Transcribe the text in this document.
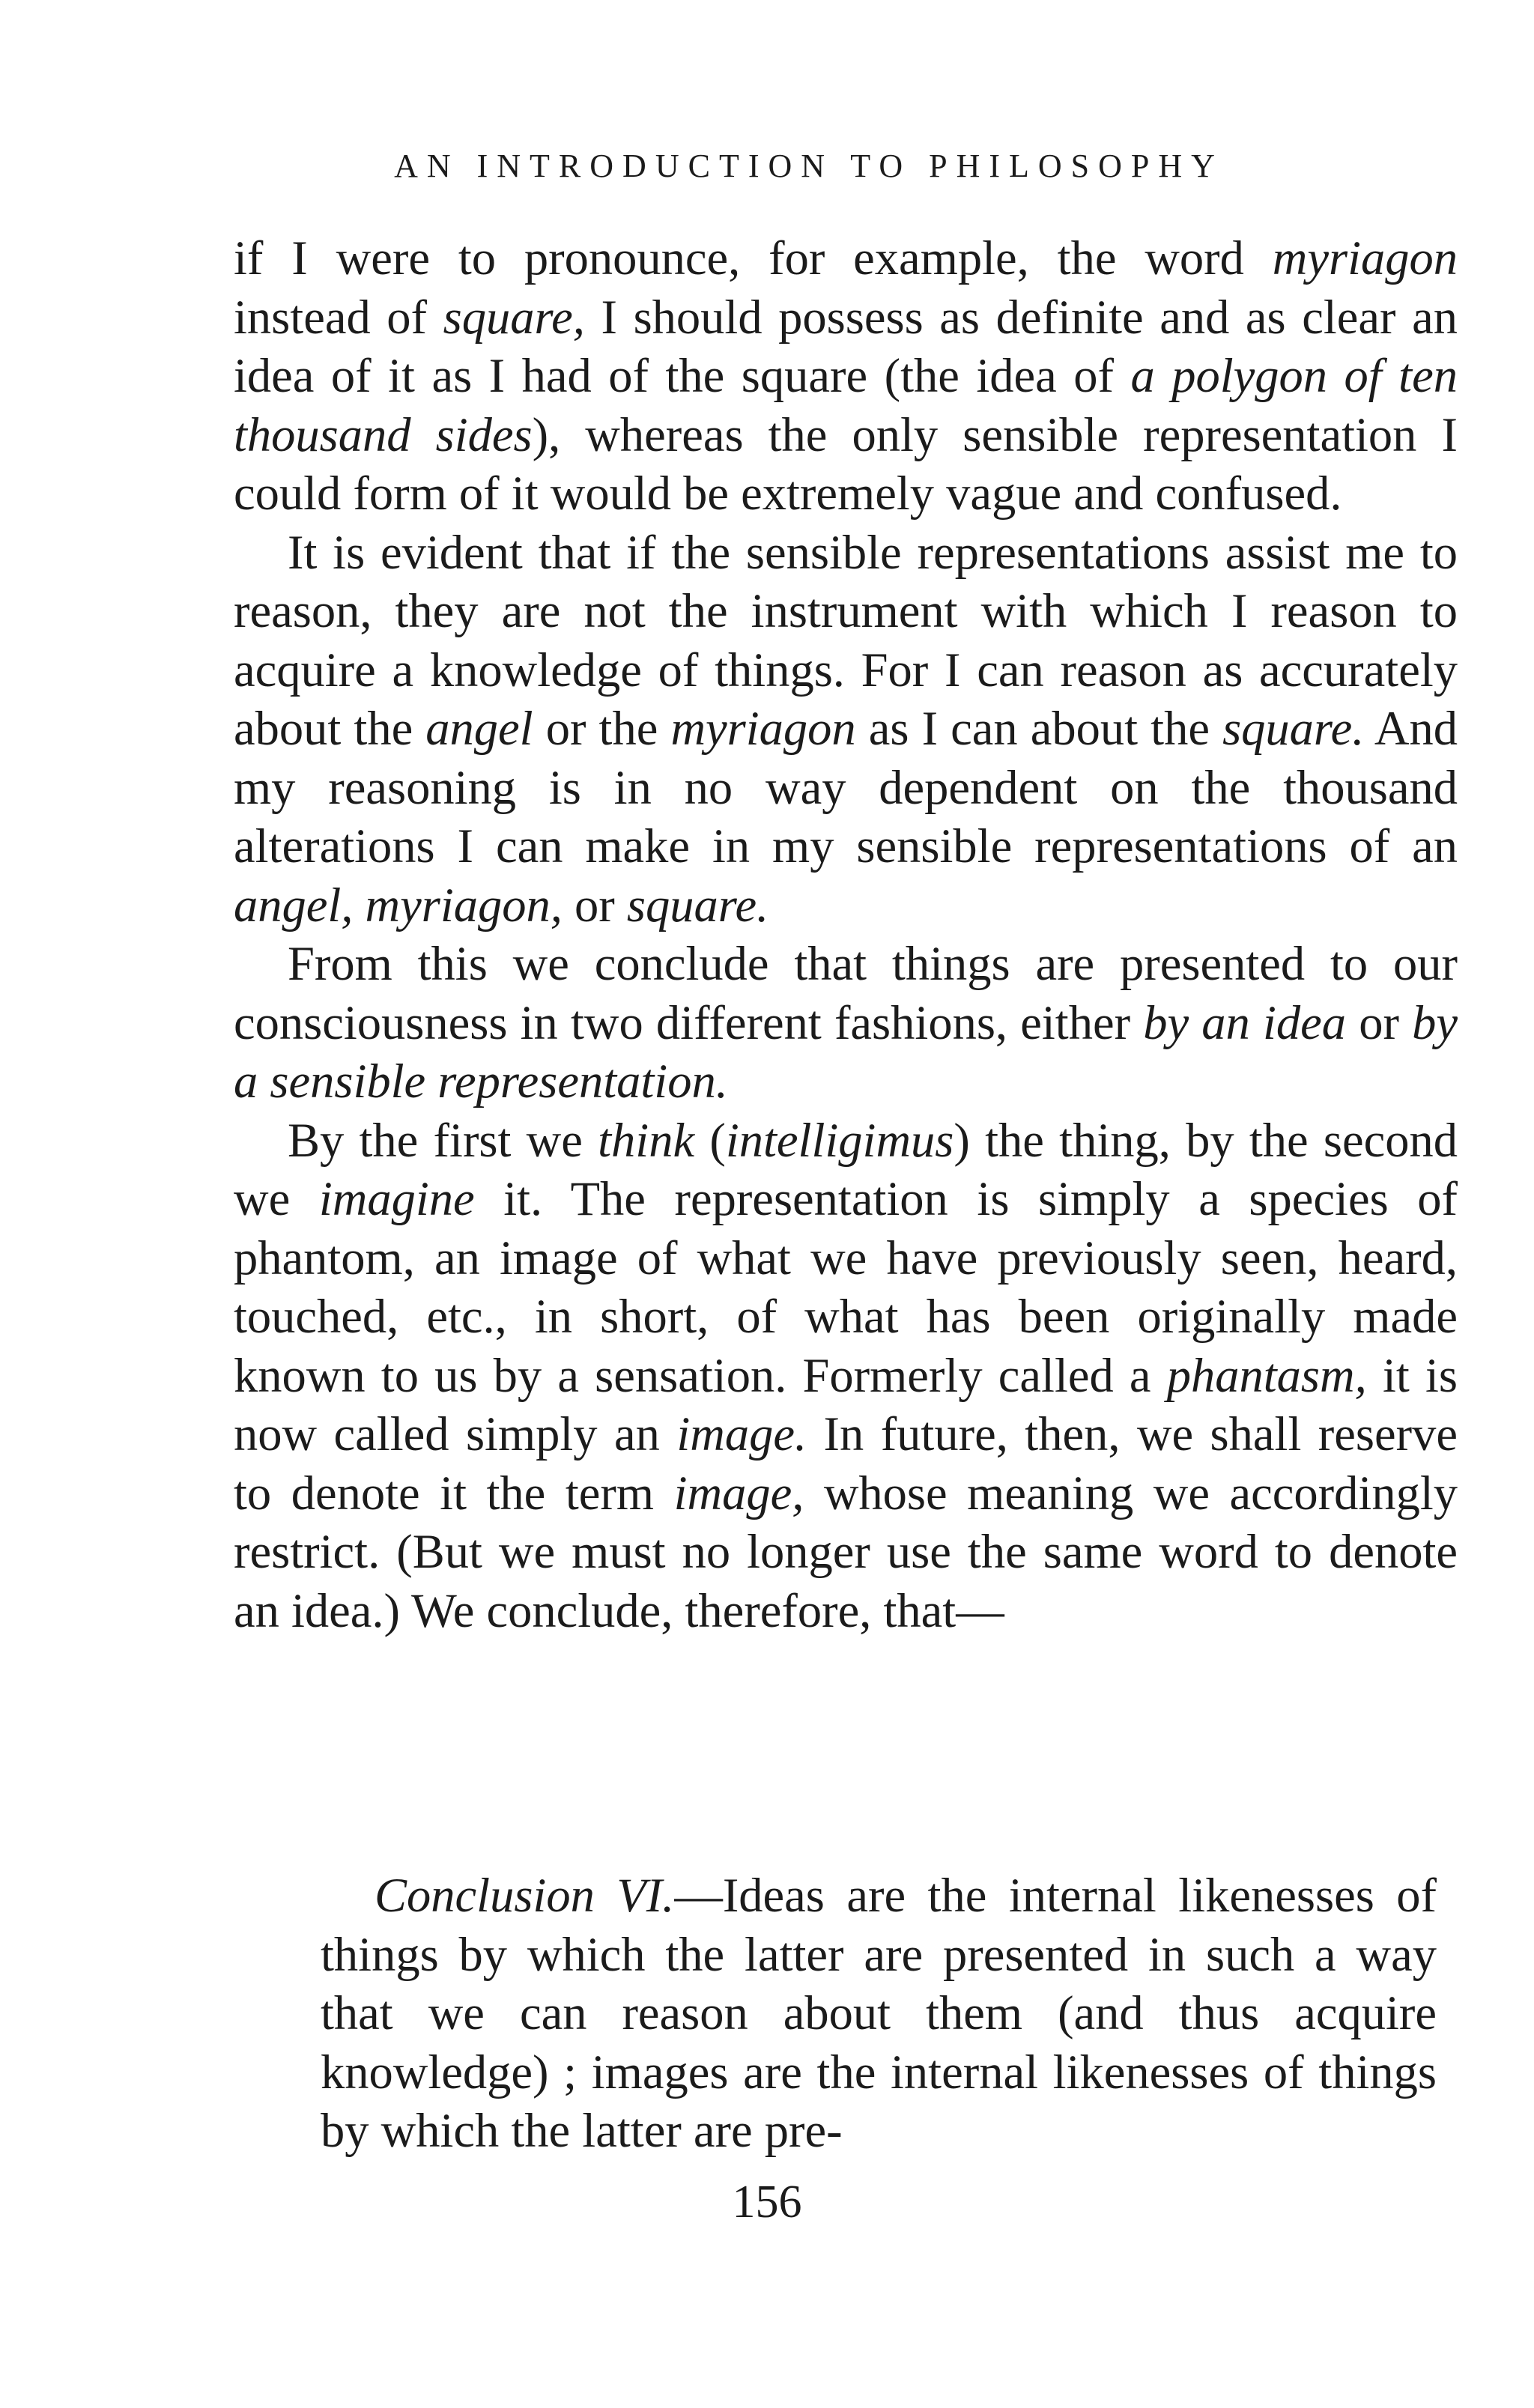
AN INTRODUCTION TO PHILOSOPHY

if I were to pronounce, for example, the word myriagon instead of square, I should possess as definite and as clear an idea of it as I had of the square (the idea of a polygon of ten thousand sides), whereas the only sensible representation I could form of it would be extremely vague and confused.

It is evident that if the sensible representations assist me to reason, they are not the instrument with which I reason to acquire a knowledge of things. For I can reason as accurately about the angel or the myriagon as I can about the square. And my reasoning is in no way dependent on the thousand alterations I can make in my sensible representations of an angel, myriagon, or square.

From this we conclude that things are presented to our consciousness in two different fashions, either by an idea or by a sensible representation.

By the first we think (intelligimus) the thing, by the second we imagine it. The representation is simply a species of phantom, an image of what we have previously seen, heard, touched, etc., in short, of what has been originally made known to us by a sensation. Formerly called a phantasm, it is now called simply an image. In future, then, we shall reserve to denote it the term image, whose meaning we accordingly restrict. (But we must no longer use the same word to denote an idea.) We conclude, therefore, that—

Conclusion VI.—Ideas are the internal likenesses of things by which the latter are presented in such a way that we can reason about them (and thus acquire knowledge) ; images are the internal likenesses of things by which the latter are pre-

156
